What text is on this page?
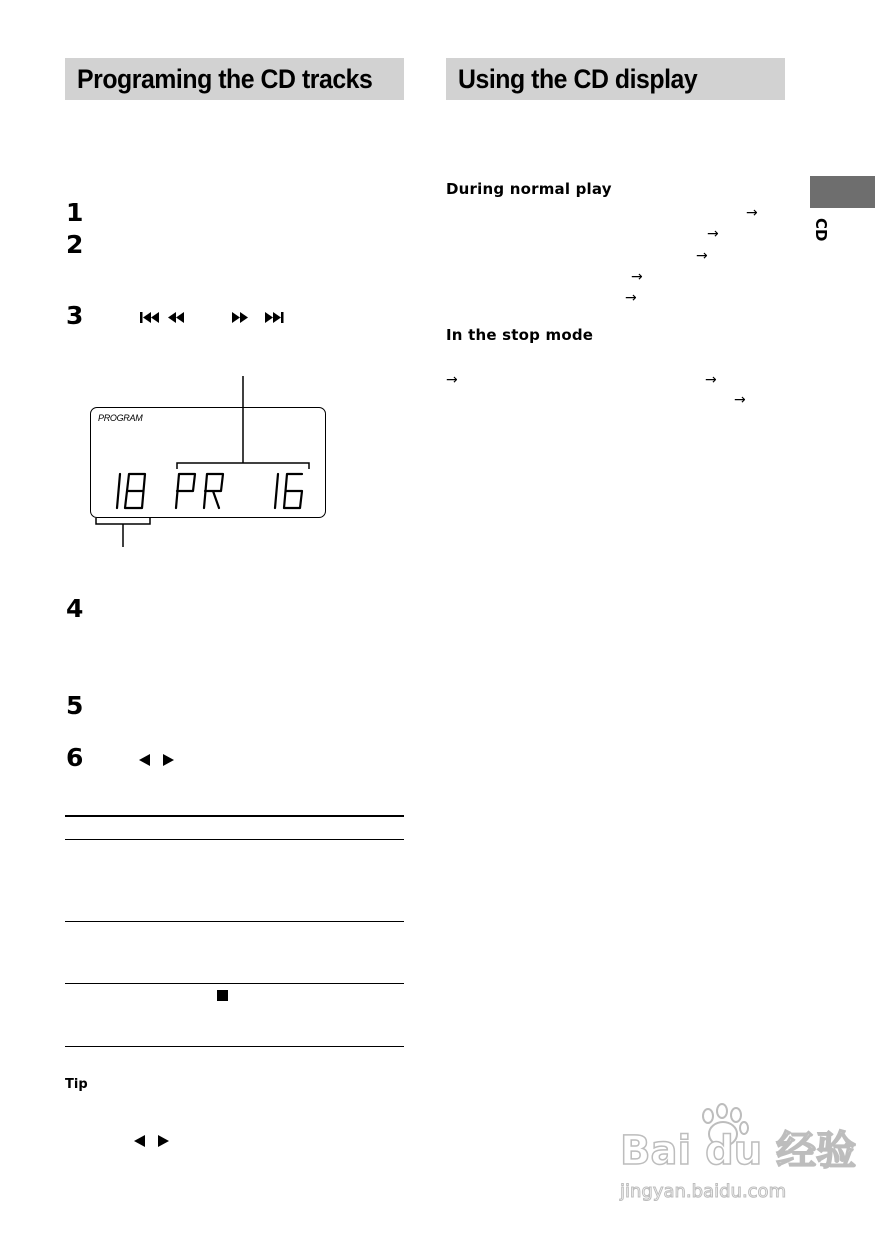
Programing the CD tracks	Using the CD display
CD
1
2
3
4
5
6
PROGRAM
18 PR 16
Tip
During normal play
→
→
→
→
→
In the stop mode
→	→
→
Bai du 经验
jingyan.baidu.com
